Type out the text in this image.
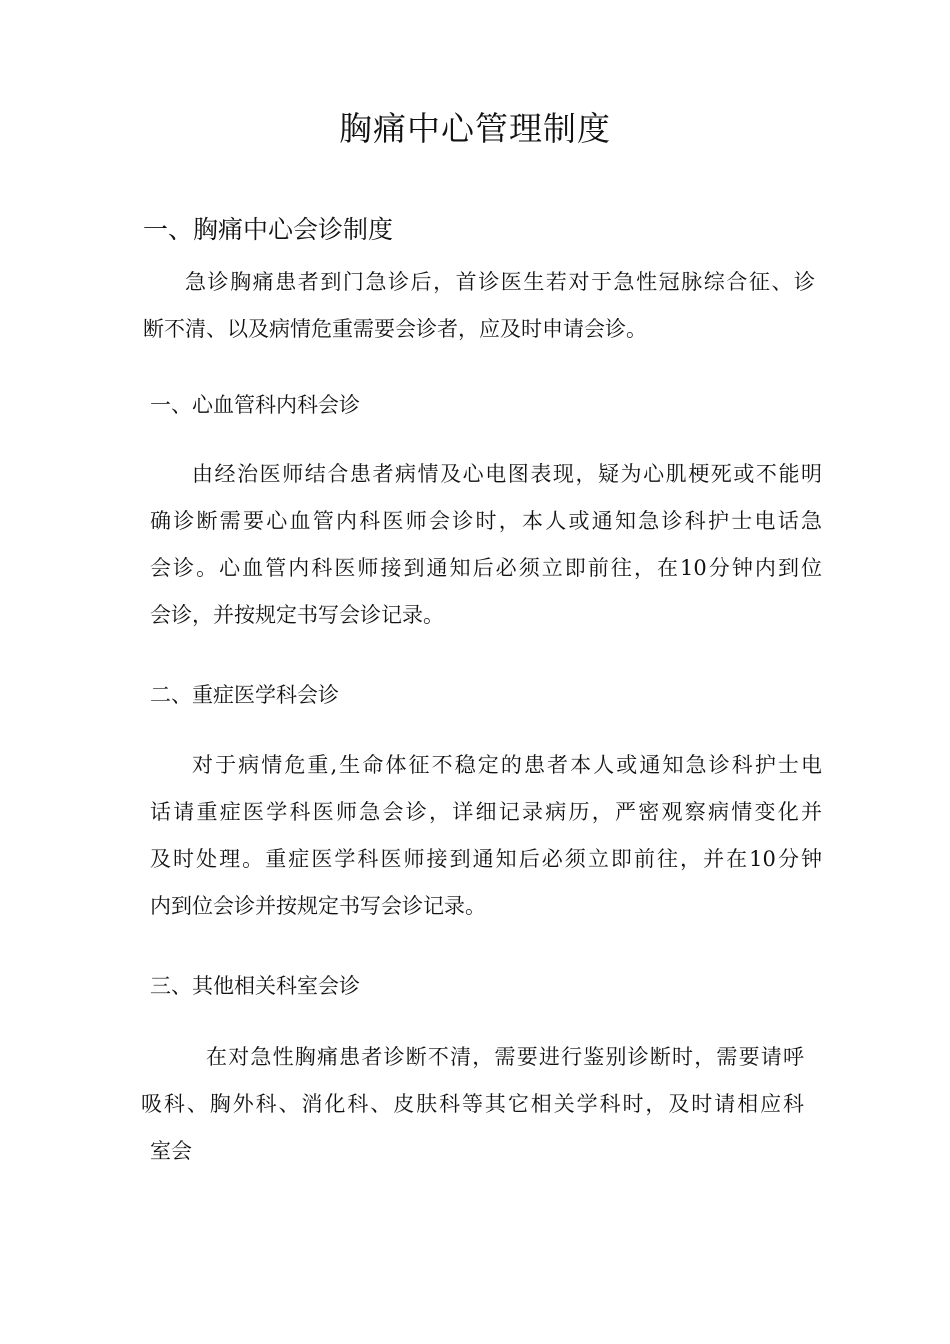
胸痛中心管理制度
一、胸痛中心会诊制度
急诊胸痛患者到门急诊后，首诊医生若对于急性冠脉综合征、诊
断不清、以及病情危重需要会诊者，应及时申请会诊。
一、心血管科内科会诊
由经治医师结合患者病情及心电图表现，疑为心肌梗死或不能明
确诊断需要心血管内科医师会诊时，本人或通知急诊科护士电话急
会诊。心血管内科医师接到通知后必须立即前往，在10分钟内到位
会诊，并按规定书写会诊记录。
二、重症医学科会诊
对于病情危重,生命体征不稳定的患者本人或通知急诊科护士电
话请重症医学科医师急会诊，详细记录病历，严密观察病情变化并
及时处理。重症医学科医师接到通知后必须立即前往，并在10分钟
内到位会诊并按规定书写会诊记录。
三、其他相关科室会诊
在对急性胸痛患者诊断不清，需要进行鉴别诊断时，需要请呼
吸科、胸外科、消化科、皮肤科等其它相关学科时，及时请相应科
室会
